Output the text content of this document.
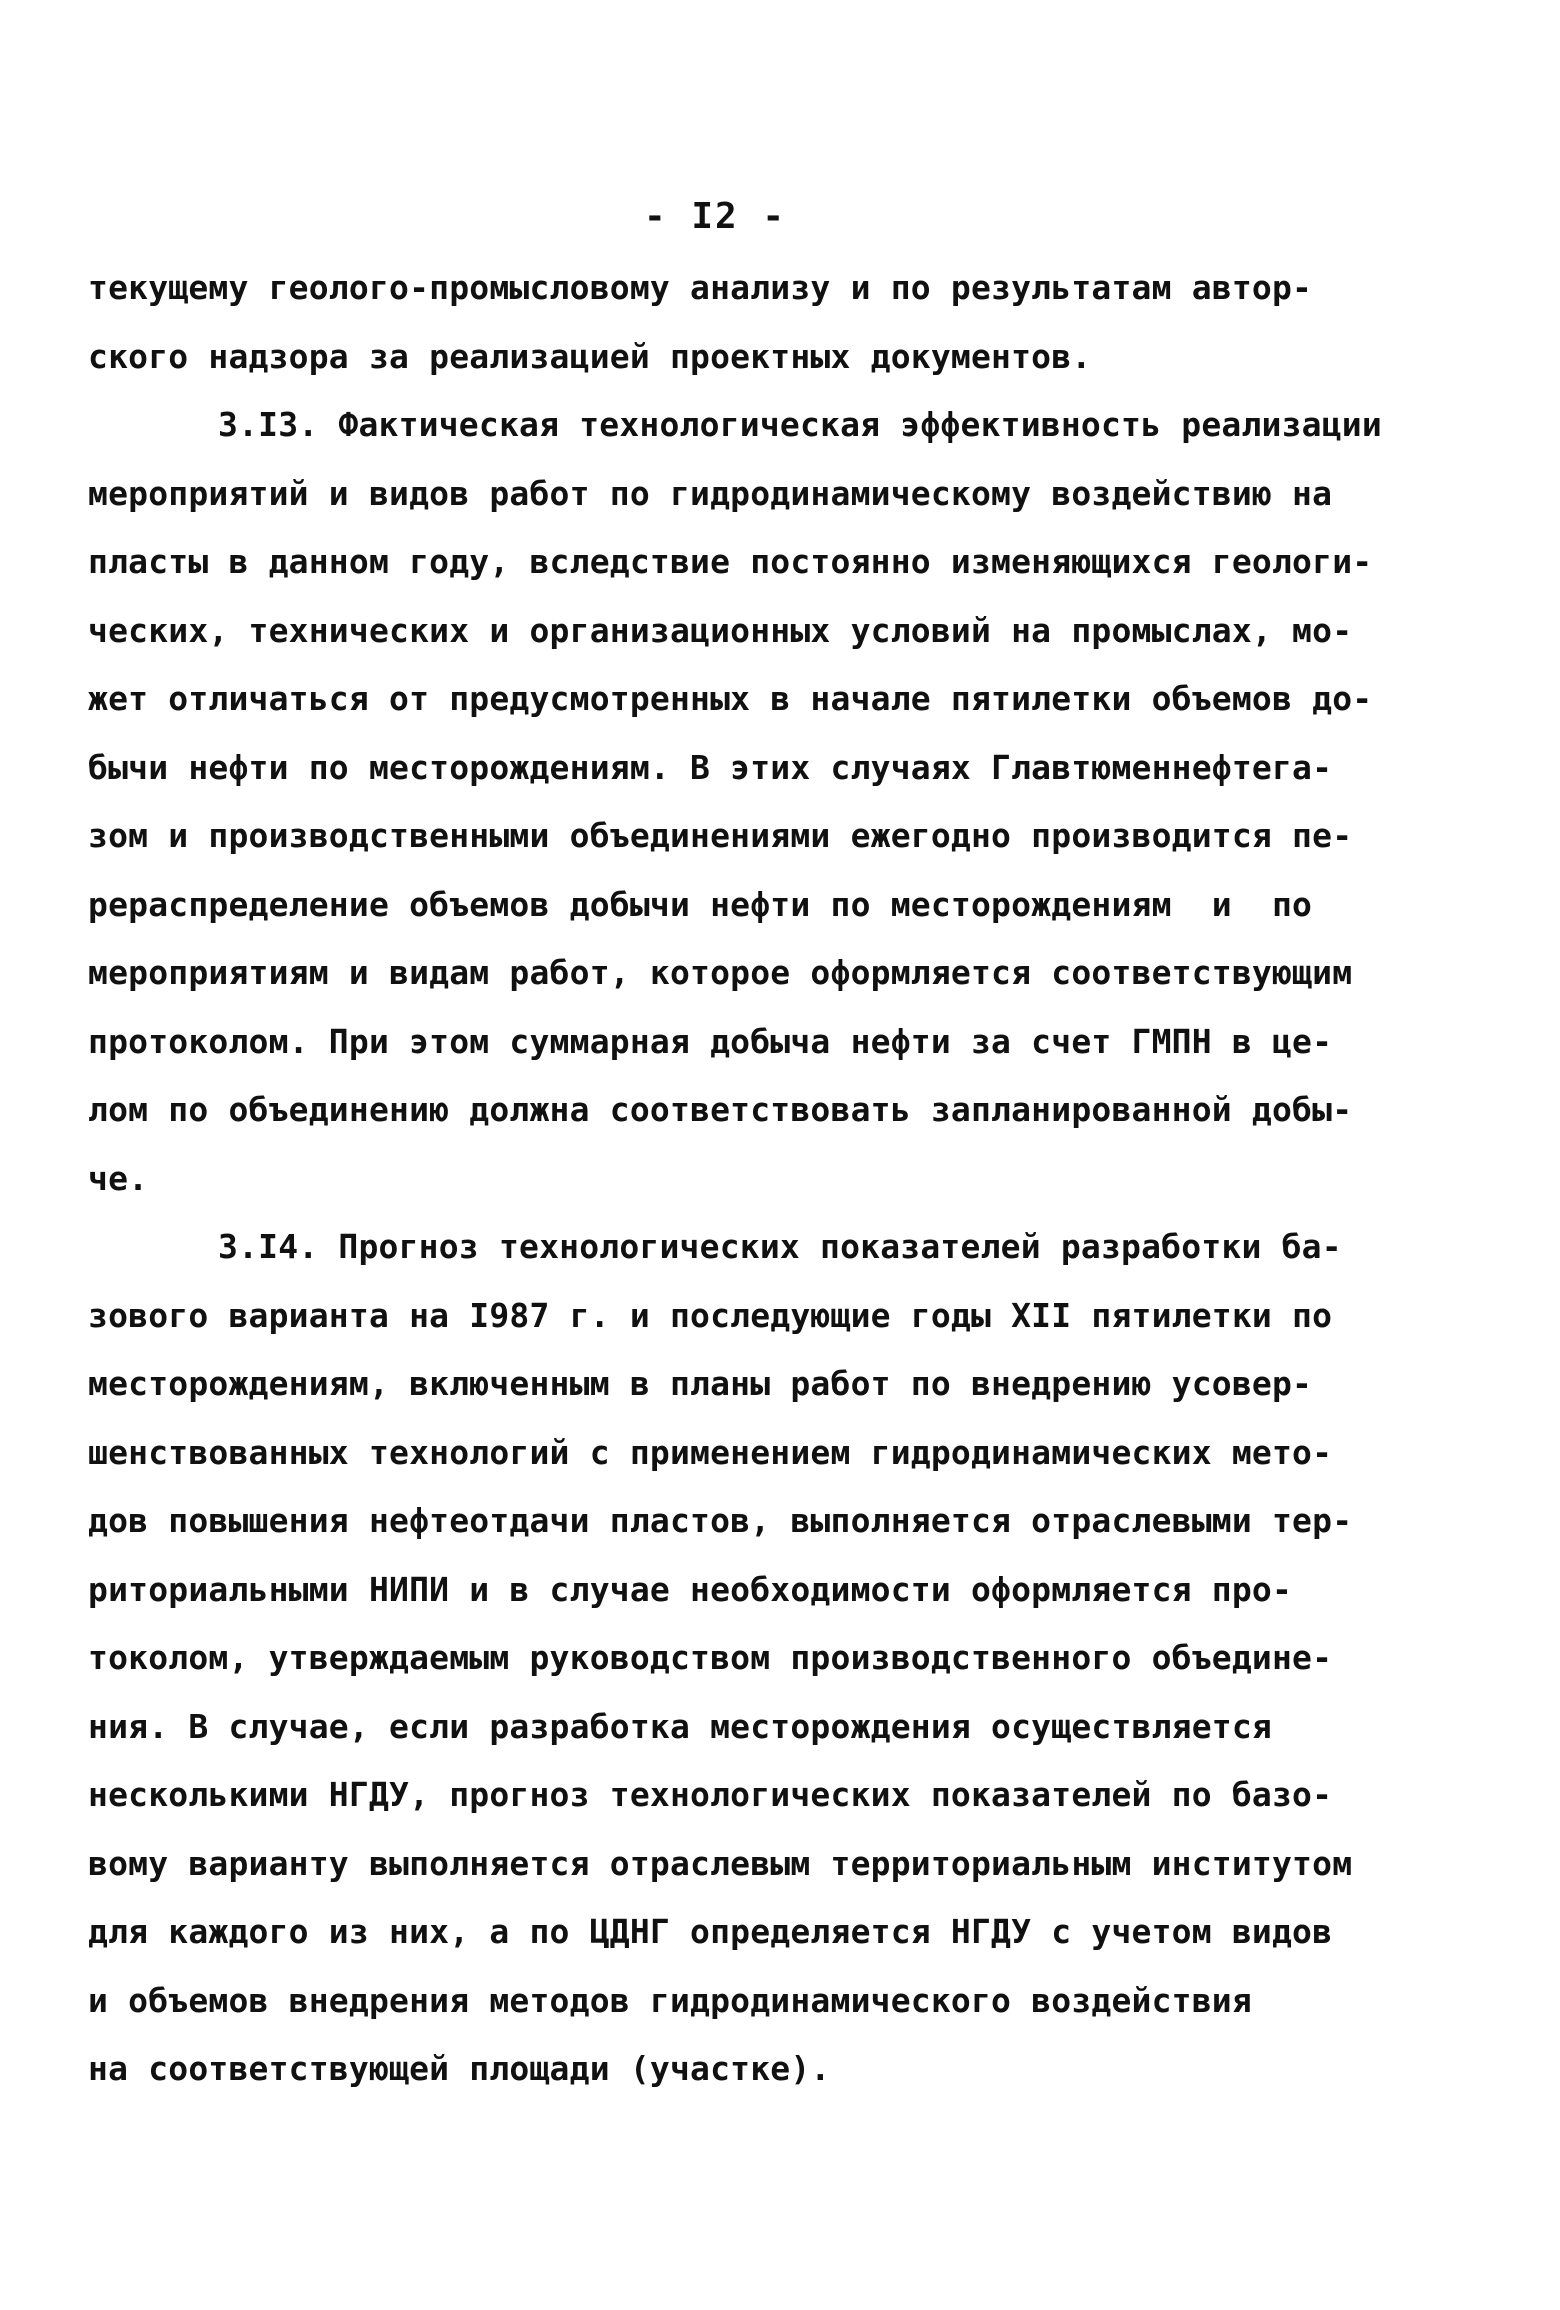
- I2 -
текущему геолого-промысловому анализу и по результатам автор-
ского надзора за реализацией проектных документов.
3.I3. Фактическая технологическая эффективность реализации
мероприятий и видов работ по гидродинамическому воздействию на
пласты в данном году, вследствие постоянно изменяющихся геологи-
ческих, технических и организационных условий на промыслах, мо-
жет отличаться от предусмотренных в начале пятилетки объемов до-
бычи нефти по месторождениям. В этих случаях Главтюменнефтега-
зом и производственными объединениями ежегодно производится пе-
рераспределение объемов добычи нефти по месторождениям  и  по
мероприятиям и видам работ, которое оформляется соответствующим
протоколом. При этом суммарная добыча нефти за счет ГМПН в це-
лом по объединению должна соответствовать запланированной добы-
че.
3.I4. Прогноз технологических показателей разработки ба-
зового варианта на I987 г. и последующие годы XII пятилетки по
месторождениям, включенным в планы работ по внедрению усовер-
шенствованных технологий с применением гидродинамических мето-
дов повышения нефтеотдачи пластов, выполняется отраслевыми тер-
риториальными НИПИ и в случае необходимости оформляется про-
токолом, утверждаемым руководством производственного объедине-
ния. В случае, если разработка месторождения осуществляется
несколькими НГДУ, прогноз технологических показателей по базо-
вому варианту выполняется отраслевым территориальным институтом
для каждого из них, а по ЦДНГ определяется НГДУ с учетом видов
и объемов внедрения методов гидродинамического воздействия
на соответствующей площади (участке).
